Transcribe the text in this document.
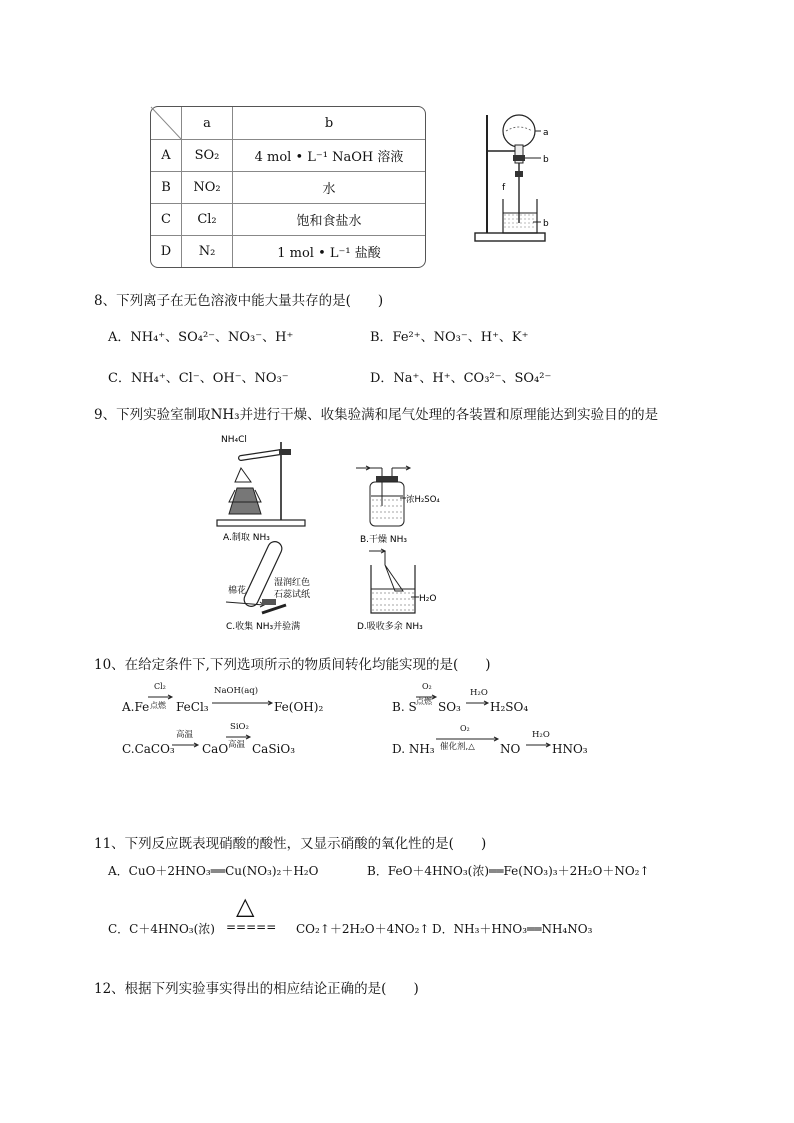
	a	b
A	SO₂	4 mol • L⁻¹ NaOH 溶液
B	NO₂	水
C	Cl₂	饱和食盐水
D	N₂	1 mol • L⁻¹ 盐酸
a
b
f
b
8、下列离子在无色溶液中能大量共存的是(　　)
A．NH₄⁺、SO₄²⁻、NO₃⁻、H⁺	B．Fe²⁺、NO₃⁻、H⁺、K⁺
C．NH₄⁺、Cl⁻、OH⁻、NO₃⁻	D．Na⁺、H⁺、CO₃²⁻、SO₄²⁻
9、下列实验室制取NH₃并进行干燥、收集验满和尾气处理的各装置和原理能达到实验目的的是
NH₄Cl
A.制取 NH₃
浓H₂SO₄
B.干燥 NH₃
棉花
湿润红色
石蕊试纸
C.收集 NH₃并验满
H₂O
D.吸收多余 NH₃
10、在给定条件下,下列选项所示的物质间转化均能实现的是(　　)
A.Fe
Cl₂
点燃 FeCl₃
NaOH(aq)
Fe(OH)₂	B. S
O₂
点燃 SO₃
H₂O
H₂SO₄
C.CaCO₃
高温
CaO
SiO₂
高温 CaSiO₃	D. NH₃
O₂
催化剂,△ NO
H₂O
HNO₃
11、下列反应既表现硝酸的酸性，又显示硝酸的氧化性的是(　　)
A．CuO＋2HNO₃══Cu(NO₃)₂＋H₂O	B．FeO＋4HNO₃(浓)══Fe(NO₃)₃＋2H₂O＋NO₂↑
C．C＋4HNO₃(浓)
△
===== CO₂↑＋2H₂O＋4NO₂↑ D．NH₃＋HNO₃══NH₄NO₃
12、根据下列实验事实得出的相应结论正确的是(　　)
